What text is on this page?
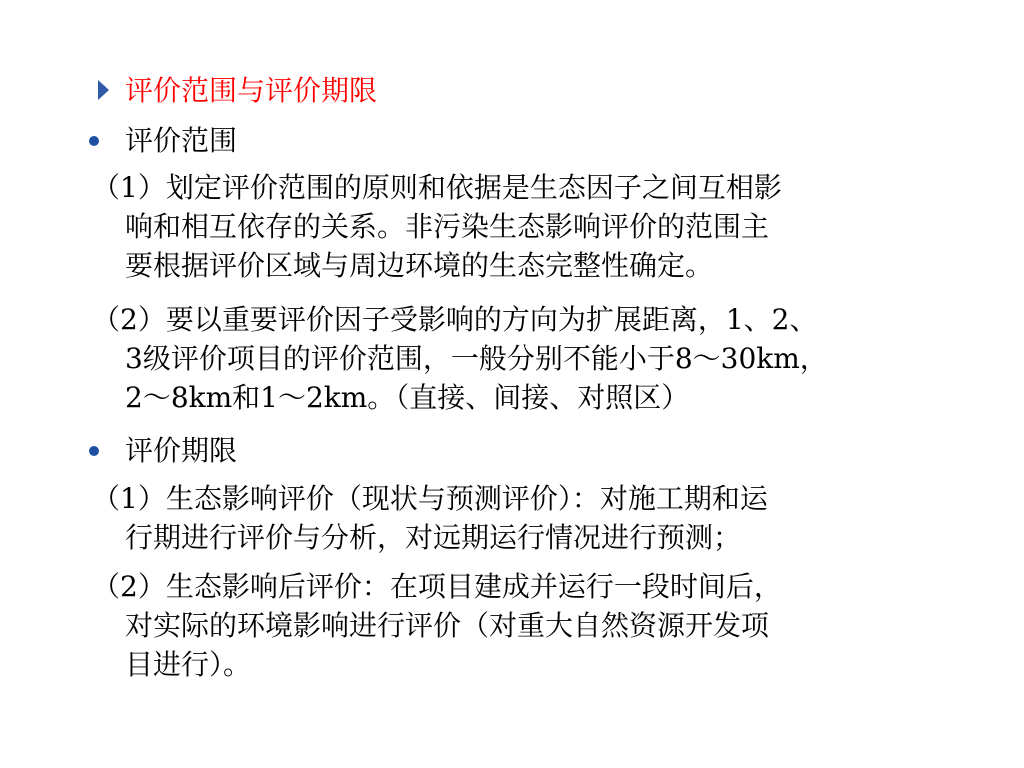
评价范围与评价期限
评价范围
（1）划定评价范围的原则和依据是生态因子之间互相影
响和相互依存的关系。非污染生态影响评价的范围主
要根据评价区域与周边环境的生态完整性确定。
（2）要以重要评价因子受影响的方向为扩展距离，1、2、
3级评价项目的评价范围，一般分别不能小于8～30km，
2～8km和1～2km。（直接、间接、对照区）
评价期限
（1）生态影响评价（现状与预测评价）：对施工期和运
行期进行评价与分析，对远期运行情况进行预测；
（2）生态影响后评价：在项目建成并运行一段时间后，
对实际的环境影响进行评价（对重大自然资源开发项
目进行）。
